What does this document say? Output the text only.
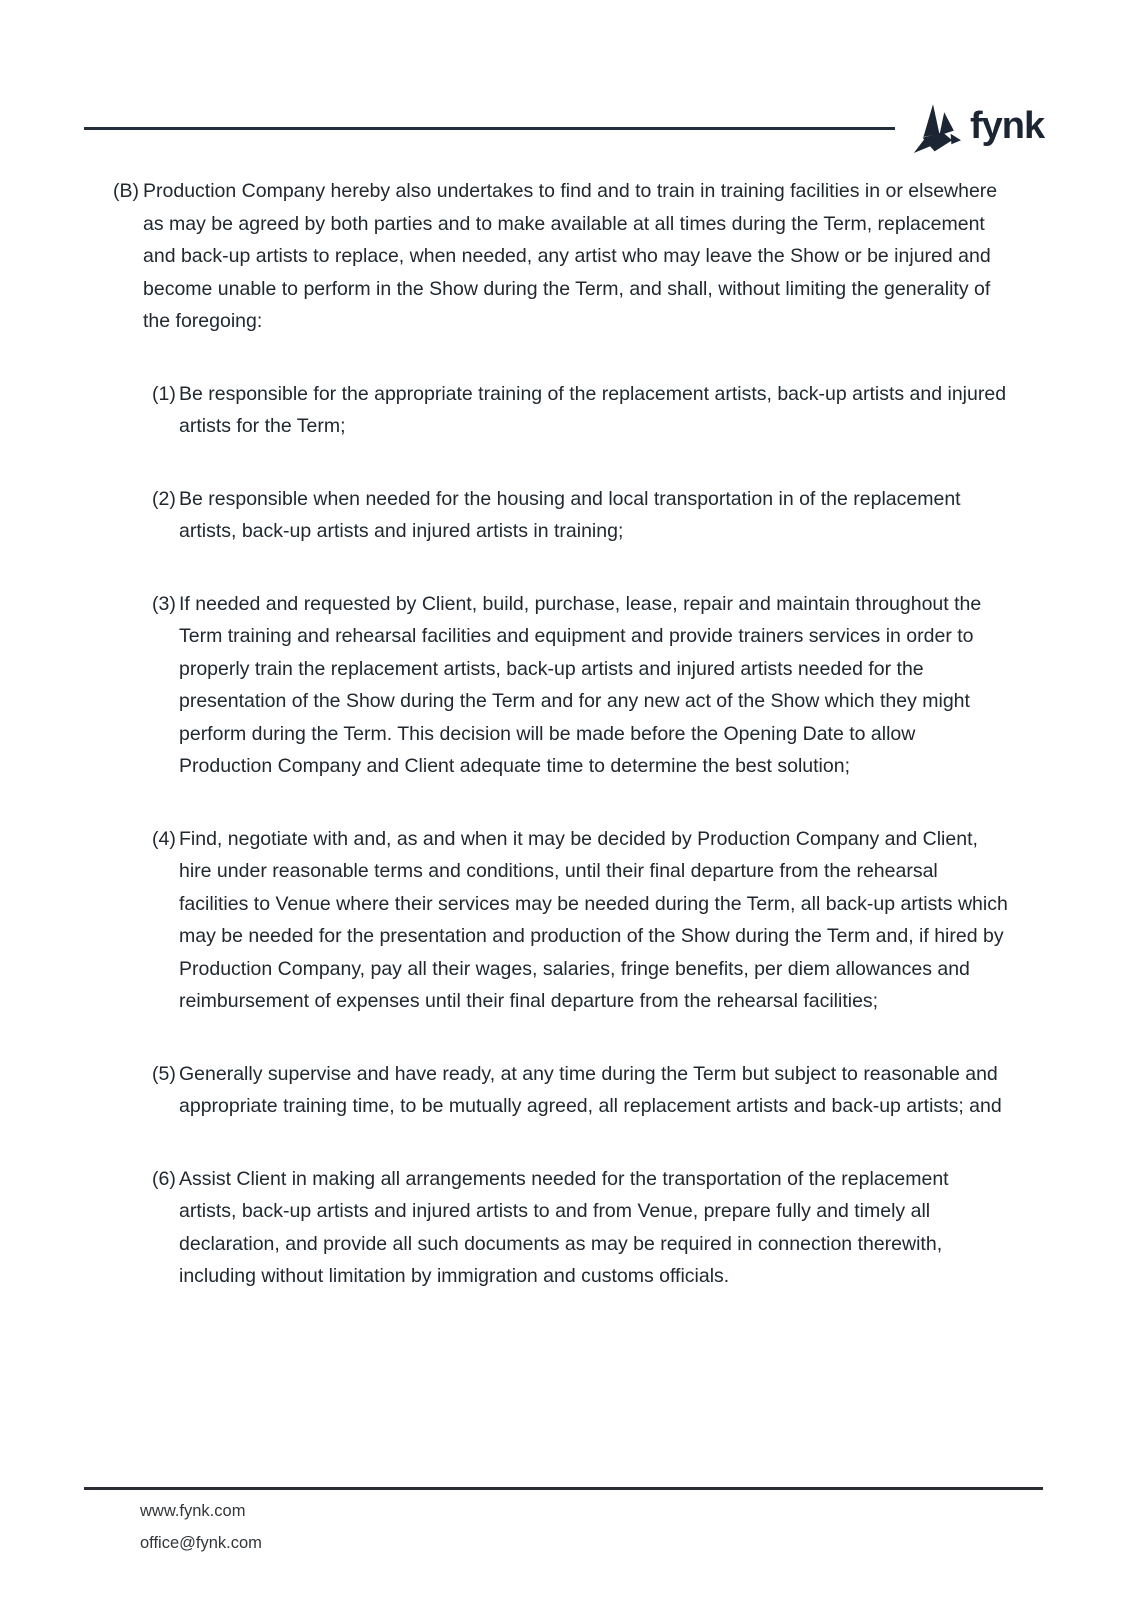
fynk
(B) Production Company hereby also undertakes to find and to train in training facilities in or elsewhere as may be agreed by both parties and to make available at all times during the Term, replacement and back-up artists to replace, when needed, any artist who may leave the Show or be injured and become unable to perform in the Show during the Term, and shall, without limiting the generality of the foregoing:
(1) Be responsible for the appropriate training of the replacement artists, back-up artists and injured artists for the Term;
(2) Be responsible when needed for the housing and local transportation in of the replacement artists, back-up artists and injured artists in training;
(3) If needed and requested by Client, build, purchase, lease, repair and maintain throughout the Term training and rehearsal facilities and equipment and provide trainers services in order to properly train the replacement artists, back-up artists and injured artists needed for the presentation of the Show during the Term and for any new act of the Show which they might perform during the Term. This decision will be made before the Opening Date to allow Production Company and Client adequate time to determine the best solution;
(4) Find, negotiate with and, as and when it may be decided by Production Company and Client, hire under reasonable terms and conditions, until their final departure from the rehearsal facilities to Venue where their services may be needed during the Term, all back-up artists which may be needed for the presentation and production of the Show during the Term and, if hired by Production Company, pay all their wages, salaries, fringe benefits, per diem allowances and reimbursement of expenses until their final departure from the rehearsal facilities;
(5) Generally supervise and have ready, at any time during the Term but subject to reasonable and appropriate training time, to be mutually agreed, all replacement artists and back-up artists; and
(6) Assist Client in making all arrangements needed for the transportation of the replacement artists, back-up artists and injured artists to and from Venue, prepare fully and timely all declaration, and provide all such documents as may be required in connection therewith, including without limitation by immigration and customs officials.
www.fynk.com
office@fynk.com
